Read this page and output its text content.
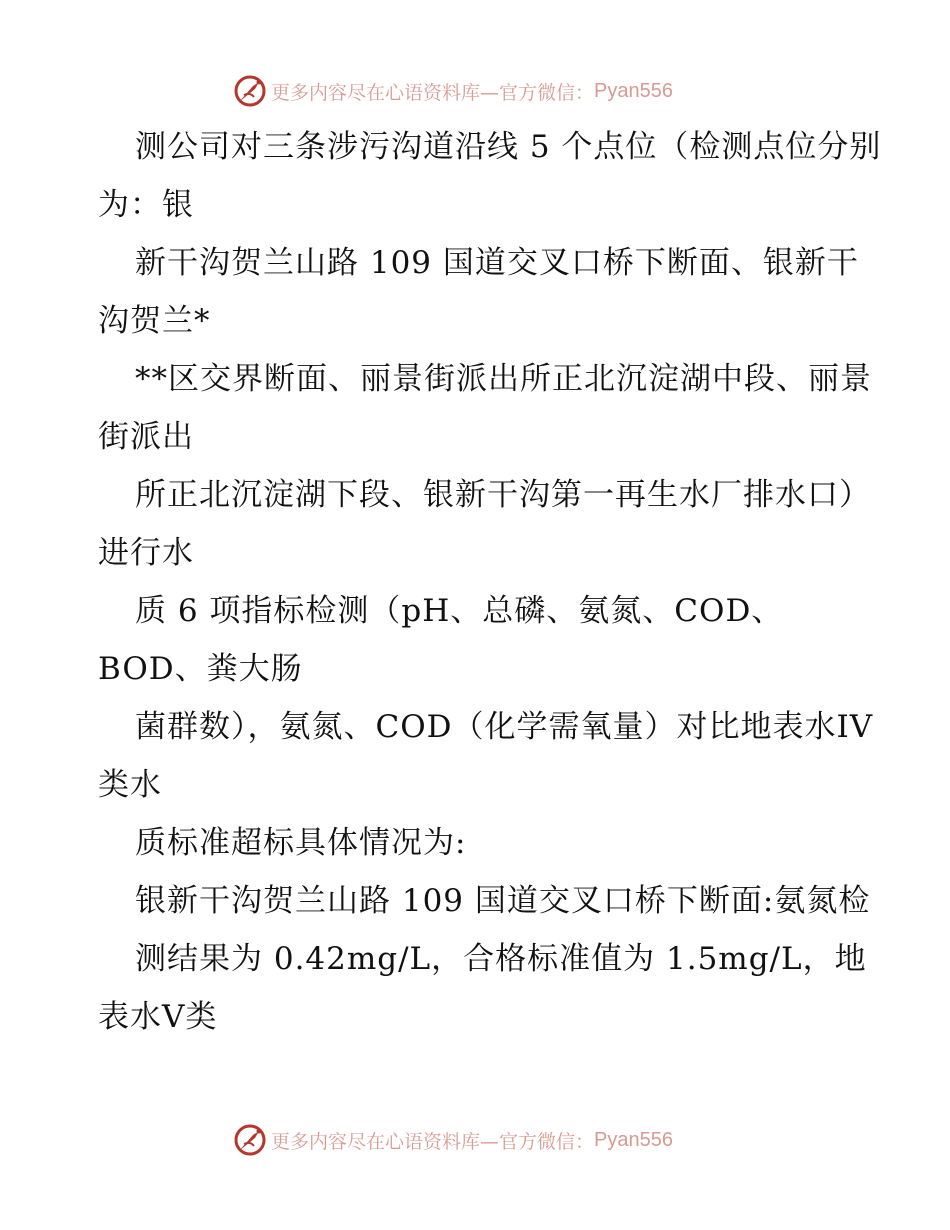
更多内容尽在心语资料库—官方微信： Pyan556

测公司对三条涉污沟道沿线 5 个点位（检测点位分别为：银

新干沟贺兰山路 109 国道交叉口桥下断面、银新干沟贺兰*

**区交界断面、丽景街派出所正北沉淀湖中段、丽景街派出

所正北沉淀湖下段、银新干沟第一再生水厂排水口）进行水

质 6 项指标检测（pH、总磷、氨氮、COD、BOD、粪大肠

菌群数），氨氮、COD（化学需氧量）对比地表水IV类水

质标准超标具体情况为:

银新干沟贺兰山路 109 国道交叉口桥下断面:氨氮检

测结果为 0.42mg/L，合格标准值为 1.5mg/L，地表水Ⅴ类

更多内容尽在心语资料库—官方微信： Pyan556
